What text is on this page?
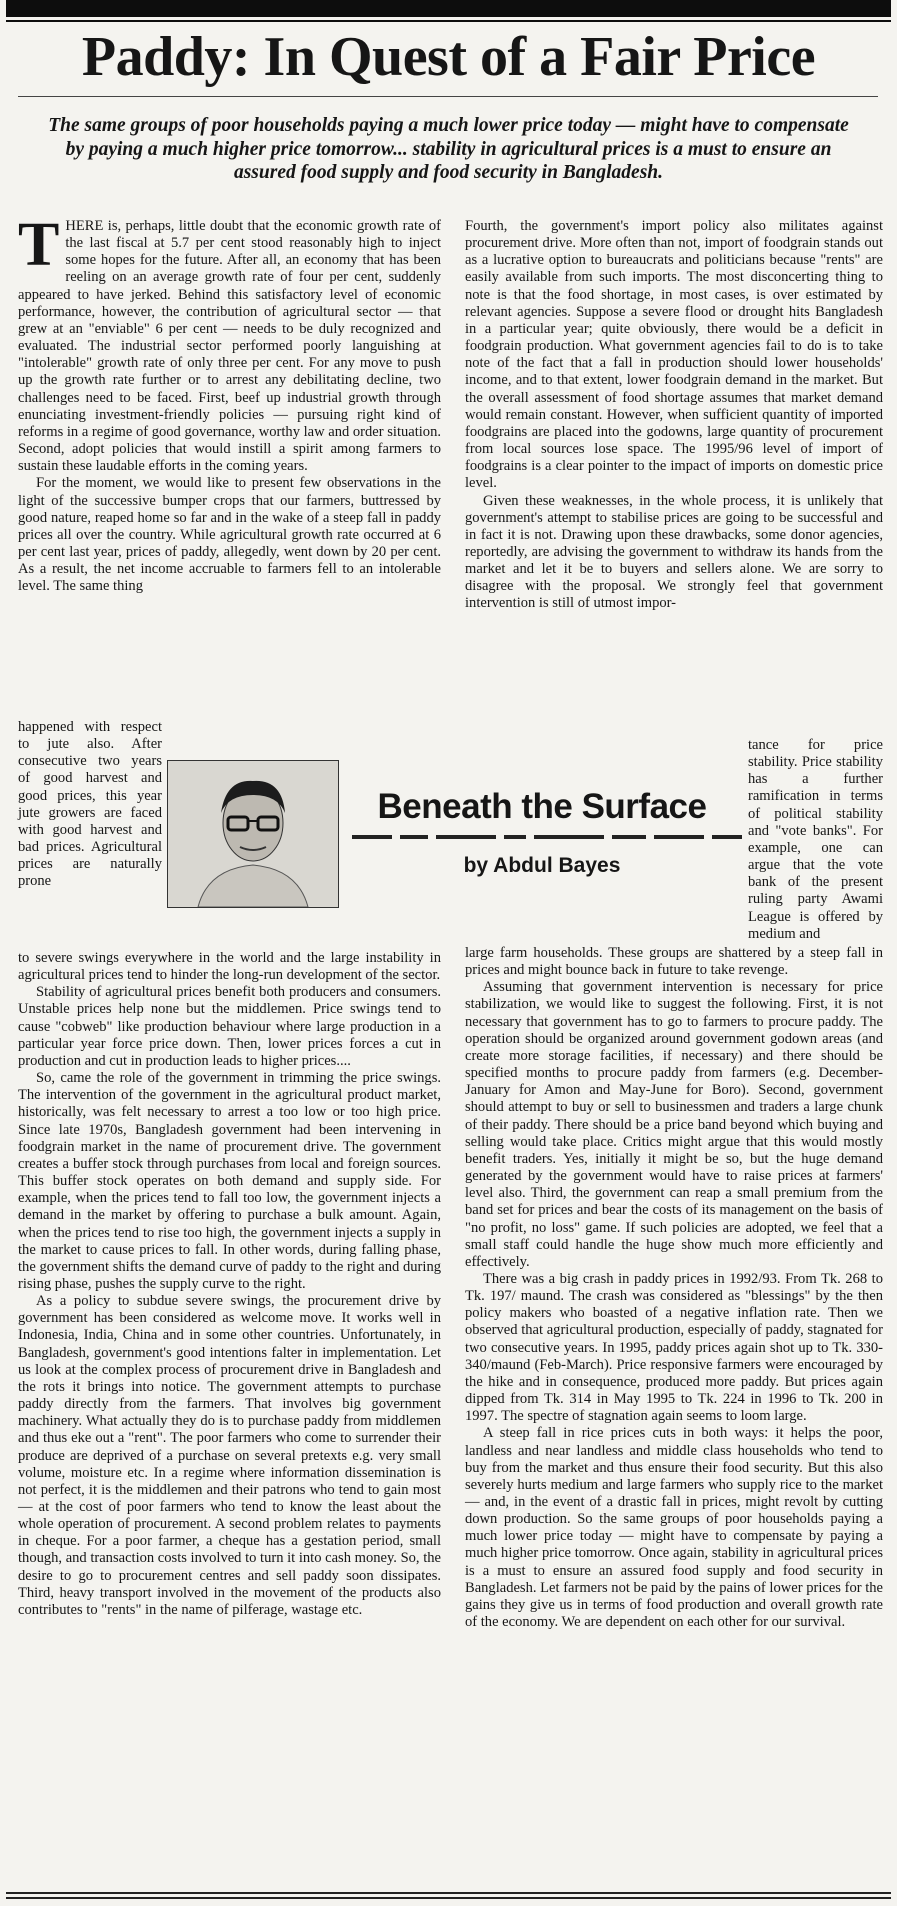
Paddy: In Quest of a Fair Price

The same groups of poor households paying a much lower price today — might have to compensate by paying a much higher price tomorrow... stability in agricultural prices is a must to ensure an assured food supply and food security in Bangladesh.

THERE is, perhaps, little doubt that the economic growth rate of the last fiscal at 5.7 per cent stood reasonably high to inject some hopes for the future. After all, an economy that has been reeling on an average growth rate of four per cent, suddenly appeared to have jerked. Behind this satisfactory level of economic performance, however, the contribution of agricultural sector — that grew at an "enviable" 6 per cent — needs to be duly recognized and evaluated. The industrial sector performed poorly languishing at "intolerable" growth rate of only three per cent. For any move to push up the growth rate further or to arrest any debilitating decline, two challenges need to be faced. First, beef up industrial growth through enunciating investment-friendly policies — pursuing right kind of reforms in a regime of good governance, worthy law and order situation. Second, adopt policies that would instill a spirit among farmers to sustain these laudable efforts in the coming years.

For the moment, we would like to present few observations in the light of the successive bumper crops that our farmers, buttressed by good nature, reaped home so far and in the wake of a steep fall in paddy prices all over the country. While agricultural growth rate occurred at 6 per cent last year, prices of paddy, allegedly, went down by 20 per cent. As a result, the net income accruable to farmers fell to an intolerable level. The same thing

happened with respect to jute also. After consecutive two years of good harvest and good prices, this year jute growers are faced with good harvest and bad prices. Agricultural prices are naturally prone

Beneath the Surface

by Abdul Bayes

to severe swings everywhere in the world and the large instability in agricultural prices tend to hinder the long-run development of the sector.

Stability of agricultural prices benefit both producers and consumers. Unstable prices help none but the middlemen. Price swings tend to cause "cobweb" like production behaviour where large production in a particular year force price down. Then, lower prices forces a cut in production and cut in production leads to higher prices....

So, came the role of the government in trimming the price swings. The intervention of the government in the agricultural product market, historically, was felt necessary to arrest a too low or too high price. Since late 1970s, Bangladesh government had been intervening in foodgrain market in the name of procurement drive. The government creates a buffer stock through purchases from local and foreign sources. This buffer stock operates on both demand and supply side. For example, when the prices tend to fall too low, the government injects a demand in the market by offering to purchase a bulk amount. Again, when the prices tend to rise too high, the government injects a supply in the market to cause prices to fall. In other words, during falling phase, the government shifts the demand curve of paddy to the right and during rising phase, pushes the supply curve to the right.

As a policy to subdue severe swings, the procurement drive by government has been considered as welcome move. It works well in Indonesia, India, China and in some other countries. Unfortunately, in Bangladesh, government's good intentions falter in implementation. Let us look at the complex process of procurement drive in Bangladesh and the rots it brings into notice. The government attempts to purchase paddy directly from the farmers. That involves big government machinery. What actually they do is to purchase paddy from middlemen and thus eke out a "rent". The poor farmers who come to surrender their produce are deprived of a purchase on several pretexts e.g. very small volume, moisture etc. In a regime where information dissemination is not perfect, it is the middlemen and their patrons who tend to gain most — at the cost of poor farmers who tend to know the least about the whole operation of procurement. A second problem relates to payments in cheque. For a poor farmer, a cheque has a gestation period, small though, and transaction costs involved to turn it into cash money. So, the desire to go to procurement centres and sell paddy soon dissipates. Third, heavy transport involved in the movement of the products also contributes to "rents" in the name of pilferage, wastage etc.

Fourth, the government's import policy also militates against procurement drive. More often than not, import of foodgrain stands out as a lucrative option to bureaucrats and politicians because "rents" are easily available from such imports. The most disconcerting thing to note is that the food shortage, in most cases, is over estimated by relevant agencies. Suppose a severe flood or drought hits Bangladesh in a particular year; quite obviously, there would be a deficit in foodgrain production. What government agencies fail to do is to take note of the fact that a fall in production should lower households' income, and to that extent, lower foodgrain demand in the market. But the overall assessment of food shortage assumes that market demand would remain constant. However, when sufficient quantity of imported foodgrains are placed into the godowns, large quantity of procurement from local sources lose space. The 1995/96 level of import of foodgrains is a clear pointer to the impact of imports on domestic price level.

Given these weaknesses, in the whole process, it is unlikely that government's attempt to stabilise prices are going to be successful and in fact it is not. Drawing upon these drawbacks, some donor agencies, reportedly, are advising the government to withdraw its hands from the market and let it be to buyers and sellers alone. We are sorry to disagree with the proposal. We strongly feel that government intervention is still of utmost impor-

tance for price stability. Price stability has a further ramification in terms of political stability and "vote banks". For example, one can argue that the vote bank of the present ruling party Awami League is offered by medium and

large farm households. These groups are shattered by a steep fall in prices and might bounce back in future to take revenge.

Assuming that government intervention is necessary for price stabilization, we would like to suggest the following. First, it is not necessary that government has to go to farmers to procure paddy. The operation should be organized around government godown areas (and create more storage facilities, if necessary) and there should be specified months to procure paddy from farmers (e.g. December-January for Amon and May-June for Boro). Second, government should attempt to buy or sell to businessmen and traders a large chunk of their paddy. There should be a price band beyond which buying and selling would take place. Critics might argue that this would mostly benefit traders. Yes, initially it might be so, but the huge demand generated by the government would have to raise prices at farmers' level also. Third, the government can reap a small premium from the band set for prices and bear the costs of its management on the basis of "no profit, no loss" game. If such policies are adopted, we feel that a small staff could handle the huge show much more efficiently and effectively.

There was a big crash in paddy prices in 1992/93. From Tk. 268 to Tk. 197/ maund. The crash was considered as "blessings" by the then policy makers who boasted of a negative inflation rate. Then we observed that agricultural production, especially of paddy, stagnated for two consecutive years. In 1995, paddy prices again shot up to Tk. 330-340/maund (Feb-March). Price responsive farmers were encouraged by the hike and in consequence, produced more paddy. But prices again dipped from Tk. 314 in May 1995 to Tk. 224 in 1996 to Tk. 200 in 1997. The spectre of stagnation again seems to loom large.

A steep fall in rice prices cuts in both ways: it helps the poor, landless and near landless and middle class households who tend to buy from the market and thus ensure their food security. But this also severely hurts medium and large farmers who supply rice to the market — and, in the event of a drastic fall in prices, might revolt by cutting down production. So the same groups of poor households paying a much lower price today — might have to compensate by paying a much higher price tomorrow. Once again, stability in agricultural prices is a must to ensure an assured food supply and food security in Bangladesh. Let farmers not be paid by the pains of lower prices for the gains they give us in terms of food production and overall growth rate of the economy. We are dependent on each other for our survival.
